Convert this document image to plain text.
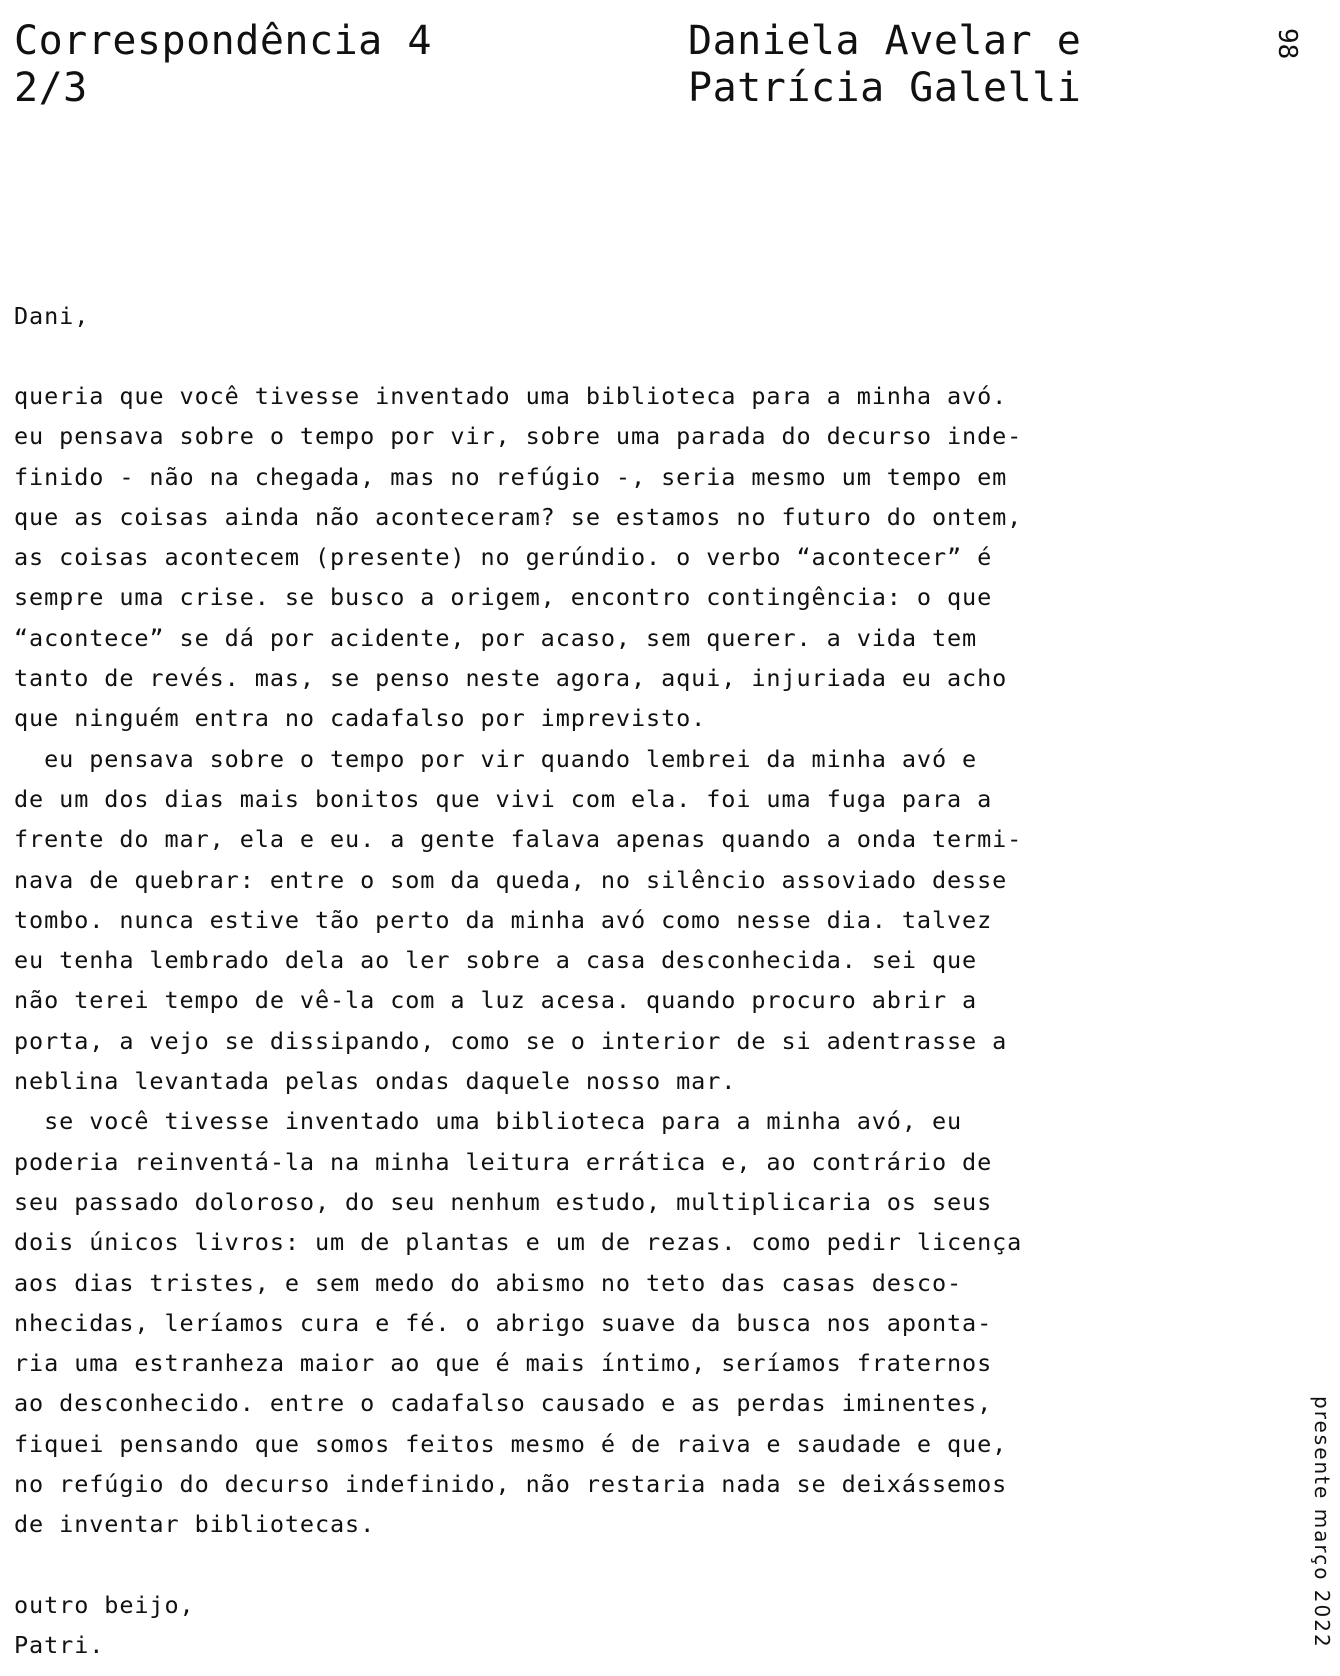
Correspondência 4
2/3
Daniela Avelar e
Patrícia Galelli
98
presente março 2022
Dani,
queria que você tivesse inventado uma biblioteca para a minha avó.
eu pensava sobre o tempo por vir, sobre uma parada do decurso inde-
finido - não na chegada, mas no refúgio -, seria mesmo um tempo em
que as coisas ainda não aconteceram? se estamos no futuro do ontem,
as coisas acontecem (presente) no gerúndio. o verbo “acontecer” é
sempre uma crise. se busco a origem, encontro contingência: o que
“acontece” se dá por acidente, por acaso, sem querer. a vida tem
tanto de revés. mas, se penso neste agora, aqui, injuriada eu acho
que ninguém entra no cadafalso por imprevisto.
eu pensava sobre o tempo por vir quando lembrei da minha avó e
de um dos dias mais bonitos que vivi com ela. foi uma fuga para a
frente do mar, ela e eu. a gente falava apenas quando a onda termi-
nava de quebrar: entre o som da queda, no silêncio assoviado desse
tombo. nunca estive tão perto da minha avó como nesse dia. talvez
eu tenha lembrado dela ao ler sobre a casa desconhecida. sei que
não terei tempo de vê-la com a luz acesa. quando procuro abrir a
porta, a vejo se dissipando, como se o interior de si adentrasse a
neblina levantada pelas ondas daquele nosso mar.
se você tivesse inventado uma biblioteca para a minha avó, eu
poderia reinventá-la na minha leitura errática e, ao contrário de
seu passado doloroso, do seu nenhum estudo, multiplicaria os seus
dois únicos livros: um de plantas e um de rezas. como pedir licença
aos dias tristes, e sem medo do abismo no teto das casas desco-
nhecidas, leríamos cura e fé. o abrigo suave da busca nos aponta-
ria uma estranheza maior ao que é mais íntimo, seríamos fraternos
ao desconhecido. entre o cadafalso causado e as perdas iminentes,
fiquei pensando que somos feitos mesmo é de raiva e saudade e que,
no refúgio do decurso indefinido, não restaria nada se deixássemos
de inventar bibliotecas.
outro beijo,
Patri.
